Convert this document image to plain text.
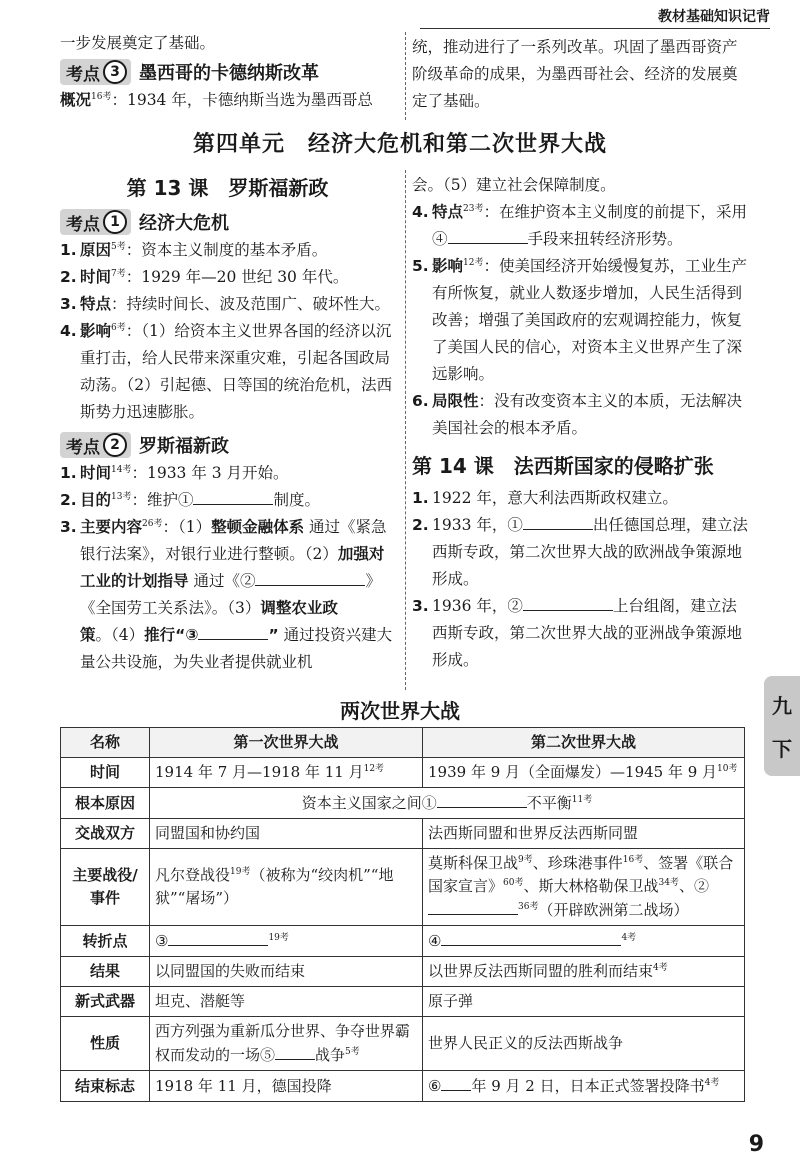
教材基础知识记背

一步发展奠定了基础。

考点 3	墨西哥的卡德纳斯改革

概况$^{16考}$：1934 年，卡德纳斯当选为墨西哥总

统，推动进行了一系列改革。巩固了墨西哥资产阶级革命的成果，为墨西哥社会、经济的发展奠定了基础。

第四单元　经济大危机和第二次世界大战
第 13 课　罗斯福新政
考点 1	经济大危机
1. 原因$^{5考}$：资本主义制度的基本矛盾。
2. 时间$^{7考}$：1929 年—20 世纪 30 年代。
3. 特点：持续时间长、波及范围广、破坏性大。
4. 影响$^{6考}$：（1）给资本主义世界各国的经济以沉重打击，给人民带来深重灾难，引起各国政局动荡。（2）引起德、日等国的统治危机，法西斯势力迅速膨胀。
考点 2	罗斯福新政
1. 时间$^{14考}$：1933 年 3 月开始。
2. 目的$^{13考}$：维护①	制度。
3. 主要内容$^{26考}$：（1）整顿金融体系 通过《紧急银行法案》，对银行业进行整顿。（2）加强对工业的计划指导 通过《②	》《全国劳工关系法》。（3）调整农业政策。（4）推行“③	” 通过投资兴建大量公共设施，为失业者提供就业机

会。（5）建立社会保障制度。

4. 特点$^{23考}$：在维护资本主义制度的前提下，采用④	手段来扭转经济形势。
5. 影响$^{12考}$：使美国经济开始缓慢复苏，工业生产有所恢复，就业人数逐步增加，人民生活得到改善；增强了美国政府的宏观调控能力，恢复了美国人民的信心，对资本主义世界产生了深远影响。
6. 局限性：没有改变资本主义的本质，无法解决美国社会的根本矛盾。
第 14 课　法西斯国家的侵略扩张
1. 1922 年，意大利法西斯政权建立。
2. 1933 年，①	出任德国总理，建立法西斯专政，第二次世界大战的欧洲战争策源地形成。
3. 1936 年，②	上台组阁，建立法西斯专政，第二次世界大战的亚洲战争策源地形成。
九
下
两次世界大战
名称	第一次世界大战	第二次世界大战
时间	1914 年 7 月—1918 年 11 月$^{12考}$	1939 年 9 月（全面爆发）—1945 年 9 月$^{10考}$
根本原因	资本主义国家之间① 不平衡$^{11考}$
交战双方	同盟国和协约国	法西斯同盟和世界反法西斯同盟
主要战役/事件	凡尔登战役$^{19考}$（被称为“绞肉机”“地狱”“屠场”）	莫斯科保卫战$^{9考}$、珍珠港事件$^{16考}$、签署《联合国家宣言》$^{60考}$、斯大林格勒保卫战$^{34考}$、②$^{36考}$（开辟欧洲第二战场）
转折点	③ $^{19考}$	④ $^{4考}$
结果	以同盟国的失败而结束	以世界反法西斯同盟的胜利而结束$^{4考}$
新式武器	坦克、潜艇等	原子弹
性质	西方列强为重新瓜分世界、争夺世界霸权而发动的一场⑤ 战争$^{5考}$	世界人民正义的反法西斯战争
结束标志	1918 年 11 月，德国投降	⑥ 年 9 月 2 日，日本正式签署投降书$^{4考}$
9
